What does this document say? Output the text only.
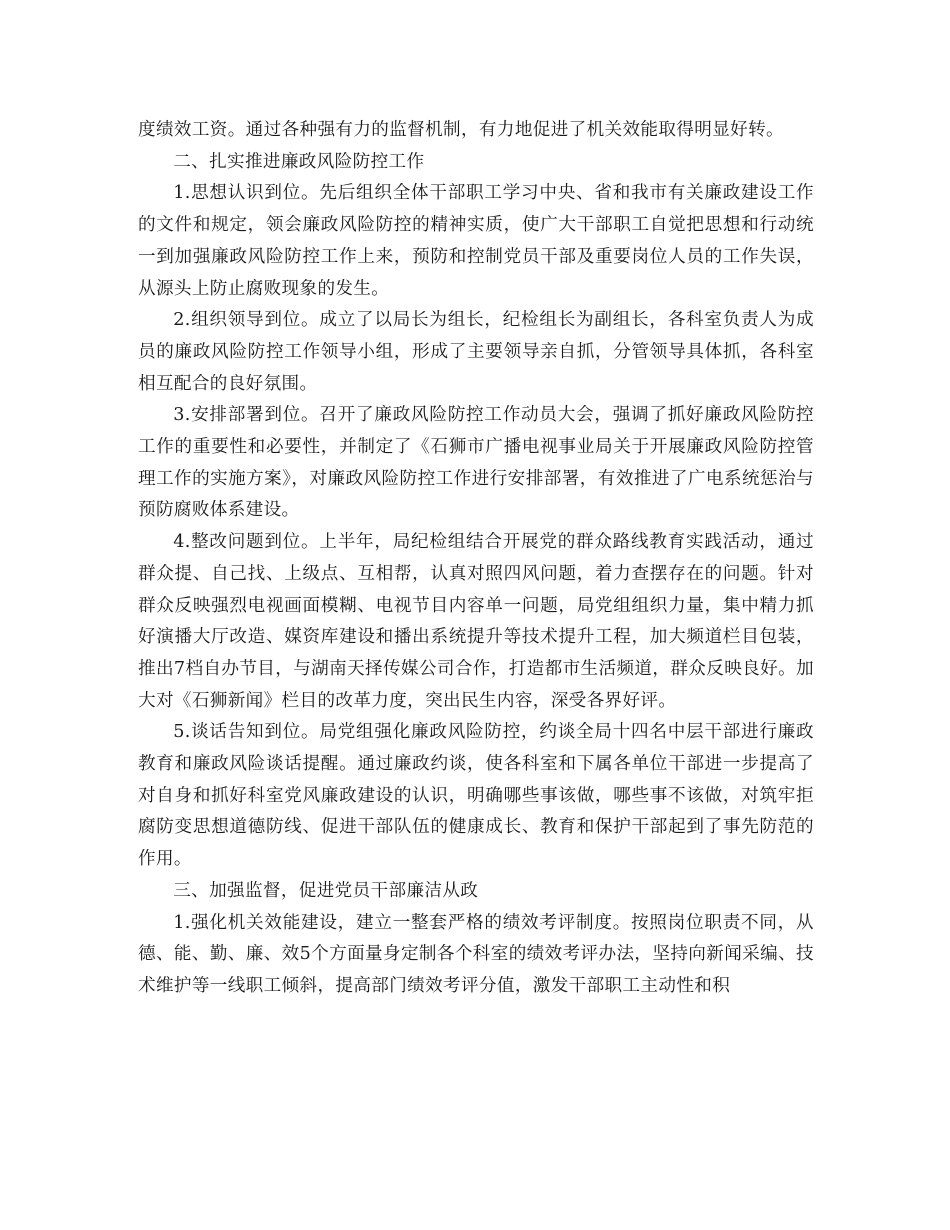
度绩效工资。通过各种强有力的监督机制，有力地促进了机关效能取得明显好转。

二、扎实推进廉政风险防控工作

1.思想认识到位。先后组织全体干部职工学习中央、省和我市有关廉政建设工作的文件和规定，领会廉政风险防控的精神实质，使广大干部职工自觉把思想和行动统一到加强廉政风险防控工作上来，预防和控制党员干部及重要岗位人员的工作失误，从源头上防止腐败现象的发生。

2.组织领导到位。成立了以局长为组长，纪检组长为副组长，各科室负责人为成员的廉政风险防控工作领导小组，形成了主要领导亲自抓，分管领导具体抓，各科室相互配合的良好氛围。

3.安排部署到位。召开了廉政风险防控工作动员大会，强调了抓好廉政风险防控工作的重要性和必要性，并制定了《石狮市广播电视事业局关于开展廉政风险防控管理工作的实施方案》，对廉政风险防控工作进行安排部署，有效推进了广电系统惩治与预防腐败体系建设。

4.整改问题到位。上半年，局纪检组结合开展党的群众路线教育实践活动，通过群众提、自己找、上级点、互相帮，认真对照四风问题，着力查摆存在的问题。针对群众反映强烈电视画面模糊、电视节目内容单一问题，局党组组织力量，集中精力抓好演播大厅改造、媒资库建设和播出系统提升等技术提升工程，加大频道栏目包装，推出7档自办节目，与湖南天择传媒公司合作，打造都市生活频道，群众反映良好。加大对《石狮新闻》栏目的改革力度，突出民生内容，深受各界好评。

5.谈话告知到位。局党组强化廉政风险防控，约谈全局十四名中层干部进行廉政教育和廉政风险谈话提醒。通过廉政约谈，使各科室和下属各单位干部进一步提高了对自身和抓好科室党风廉政建设的认识，明确哪些事该做，哪些事不该做，对筑牢拒腐防变思想道德防线、促进干部队伍的健康成长、教育和保护干部起到了事先防范的作用。

三、加强监督，促进党员干部廉洁从政

1.强化机关效能建设，建立一整套严格的绩效考评制度。按照岗位职责不同，从德、能、勤、廉、效5个方面量身定制各个科室的绩效考评办法，坚持向新闻采编、技术维护等一线职工倾斜，提高部门绩效考评分值，激发干部职工主动性和积
